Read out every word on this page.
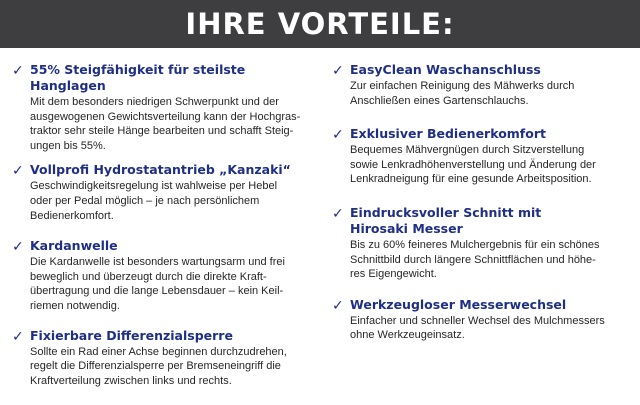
IHRE VORTEILE:
✓ 55% Steigfähigkeit für steilste Hanglagen
Mit dem besonders niedrigen Schwerpunkt und der
ausgewogenen Gewichtsverteilung kann der Hochgras-
traktor sehr steile Hänge bearbeiten und schafft Steig-
ungen bis 55%.
✓ Vollprofi Hydrostatantrieb „Kanzaki“
Geschwindigkeitsregelung ist wahlweise per Hebel
oder per Pedal möglich – je nach persönlichem
Bedienerkomfort.
✓ Kardanwelle
Die Kardanwelle ist besonders wartungsarm und frei
beweglich und überzeugt durch die direkte Kraft-
übertragung und die lange Lebensdauer – kein Keil-
riemen notwendig.
✓ Fixierbare Differenzialsperre
Sollte ein Rad einer Achse beginnen durchzudrehen,
regelt die Differenzialsperre per Bremseneingriff die
Kraftverteilung zwischen links und rechts.
✓ EasyClean Waschanschluss
Zur einfachen Reinigung des Mähwerks durch
Anschließen eines Gartenschlauchs.
✓ Exklusiver Bedienerkomfort
Bequemes Mähvergnügen durch Sitzverstellung
sowie Lenkradhöhenverstellung und Änderung der
Lenkradneigung für eine gesunde Arbeitsposition.
✓ Eindrucksvoller Schnitt mit
Hirosaki Messer
Bis zu 60% feineres Mulchergebnis für ein schönes
Schnittbild durch längere Schnittflächen und höhe-
res Eigengewicht.
✓ Werkzeugloser Messerwechsel
Einfacher und schneller Wechsel des Mulchmessers
ohne Werkzeugeinsatz.
